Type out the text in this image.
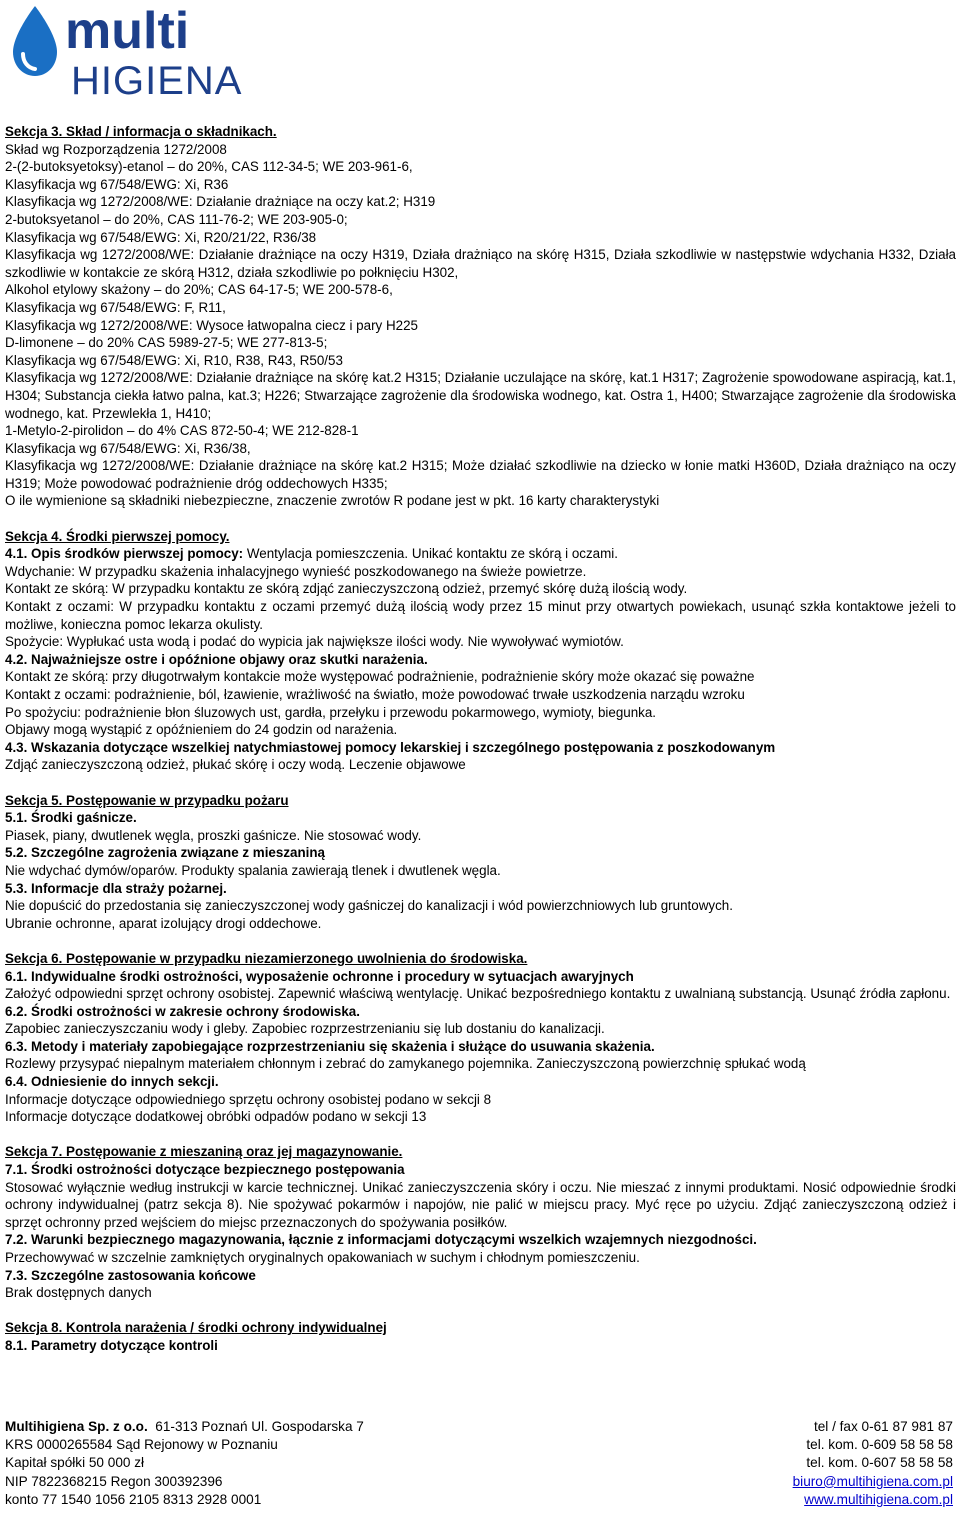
multi
HIGIENA

Sekcja 3. Skład / informacja o składnikach.

Skład wg Rozporządzenia 1272/2008

2-(2-butoksyetoksy)-etanol – do 20%, CAS 112-34-5; WE 203-961-6,

Klasyfikacja wg 67/548/EWG: Xi, R36

Klasyfikacja wg 1272/2008/WE: Działanie drażniące na oczy kat.2; H319

2-butoksyetanol – do 20%, CAS 111-76-2; WE 203-905-0;

Klasyfikacja wg 67/548/EWG: Xi, R20/21/22, R36/38

Klasyfikacja wg 1272/2008/WE: Działanie drażniące na oczy H319, Działa drażniąco na skórę H315, Działa szkodliwie w następstwie wdychania H332, Działa szkodliwie w kontakcie ze skórą H312, działa szkodliwie po połknięciu H302,

Alkohol etylowy skażony – do 20%; CAS 64-17-5; WE 200-578-6,

Klasyfikacja wg 67/548/EWG: F, R11,

Klasyfikacja wg 1272/2008/WE: Wysoce łatwopalna ciecz i pary H225

D-limonene – do 20% CAS 5989-27-5; WE 277-813-5;

Klasyfikacja wg 67/548/EWG: Xi, R10, R38, R43, R50/53

Klasyfikacja wg 1272/2008/WE: Działanie drażniące na skórę kat.2 H315; Działanie uczulające na skórę, kat.1 H317; Zagrożenie spowodowane aspiracją, kat.1, H304; Substancja ciekła łatwo palna, kat.3; H226; Stwarzające zagrożenie dla środowiska wodnego, kat. Ostra 1, H400; Stwarzające zagrożenie dla środowiska wodnego, kat. Przewlekła 1, H410;

1-Metylo-2-pirolidon – do 4% CAS 872-50-4; WE 212-828-1

Klasyfikacja wg 67/548/EWG: Xi, R36/38,

Klasyfikacja wg 1272/2008/WE: Działanie drażniące na skórę kat.2 H315; Może działać szkodliwie na dziecko w łonie matki H360D, Działa drażniąco na oczy H319; Może powodować podrażnienie dróg oddechowych H335;

O ile wymienione są składniki niebezpieczne, znaczenie zwrotów R podane jest w pkt. 16 karty charakterystyki

Sekcja 4. Środki pierwszej pomocy.

4.1. Opis środków pierwszej pomocy: Wentylacja pomieszczenia. Unikać kontaktu ze skórą i oczami.

Wdychanie: W przypadku skażenia inhalacyjnego wynieść poszkodowanego na świeże powietrze.

Kontakt ze skórą: W przypadku kontaktu ze skórą zdjąć zanieczyszczoną odzież, przemyć skórę dużą ilością wody.

Kontakt z oczami: W przypadku kontaktu z oczami przemyć dużą ilością wody przez 15 minut przy otwartych powiekach, usunąć szkła kontaktowe jeżeli to możliwe, konieczna pomoc lekarza okulisty.

Spożycie: Wypłukać usta wodą i podać do wypicia jak największe ilości wody. Nie wywoływać wymiotów.

4.2. Najważniejsze ostre i opóźnione objawy oraz skutki narażenia.

Kontakt ze skórą: przy długotrwałym kontakcie może występować podrażnienie, podrażnienie skóry może okazać się poważne

Kontakt z oczami: podrażnienie, ból, łzawienie, wrażliwość na światło, może powodować trwałe uszkodzenia narządu wzroku

Po spożyciu: podrażnienie błon śluzowych ust, gardła, przełyku i przewodu pokarmowego, wymioty, biegunka.

Objawy mogą wystąpić z opóźnieniem do 24 godzin od narażenia.

4.3. Wskazania dotyczące wszelkiej natychmiastowej pomocy lekarskiej i szczególnego postępowania z poszkodowanym

Zdjąć zanieczyszczoną odzież, płukać skórę i oczy wodą. Leczenie objawowe

Sekcja 5. Postępowanie w przypadku pożaru

5.1. Środki gaśnicze.

Piasek, piany, dwutlenek węgla, proszki gaśnicze. Nie stosować wody.

5.2. Szczególne zagrożenia związane z mieszaniną

Nie wdychać dymów/oparów. Produkty spalania zawierają tlenek i dwutlenek węgla.

5.3. Informacje dla straży pożarnej.

Nie dopuścić do przedostania się zanieczyszczonej wody gaśniczej do kanalizacji i wód powierzchniowych lub gruntowych.

Ubranie ochronne, aparat izolujący drogi oddechowe.

Sekcja 6. Postępowanie w przypadku niezamierzonego uwolnienia do środowiska.

6.1. Indywidualne środki ostrożności, wyposażenie ochronne i procedury w sytuacjach awaryjnych

Założyć odpowiedni sprzęt ochrony osobistej. Zapewnić właściwą wentylację. Unikać bezpośredniego kontaktu z uwalnianą substancją. Usunąć źródła zapłonu.

6.2. Środki ostrożności w zakresie ochrony środowiska.

Zapobiec zanieczyszczaniu wody i gleby. Zapobiec rozprzestrzenianiu się lub dostaniu do kanalizacji.

6.3. Metody i materiały zapobiegające rozprzestrzenianiu się skażenia i służące do usuwania skażenia.

Rozlewy przysypać niepalnym materiałem chłonnym i zebrać do zamykanego pojemnika. Zanieczyszczoną powierzchnię spłukać wodą

6.4. Odniesienie do innych sekcji.

Informacje dotyczące odpowiedniego sprzętu ochrony osobistej podano w sekcji 8

Informacje dotyczące dodatkowej obróbki odpadów podano w sekcji 13

Sekcja 7. Postępowanie z mieszaniną oraz jej magazynowanie.

7.1. Środki ostrożności dotyczące bezpiecznego postępowania

Stosować wyłącznie według instrukcji w karcie technicznej. Unikać zanieczyszczenia skóry i oczu. Nie mieszać z innymi produktami. Nosić odpowiednie środki ochrony indywidualnej (patrz sekcja 8). Nie spożywać pokarmów i napojów, nie palić w miejscu pracy. Myć ręce po użyciu. Zdjąć zanieczyszczoną odzież i sprzęt ochronny przed wejściem do miejsc przeznaczonych do spożywania posiłków.

7.2. Warunki bezpiecznego magazynowania, łącznie z informacjami dotyczącymi wszelkich wzajemnych niezgodności.

Przechowywać w szczelnie zamkniętych oryginalnych opakowaniach w suchym i chłodnym pomieszczeniu.

7.3. Szczególne zastosowania końcowe

Brak dostępnych danych

Sekcja 8. Kontrola narażenia / środki ochrony indywidualnej

8.1. Parametry dotyczące kontroli

Multihigiena Sp. z o.o. 61-313 Poznań Ul. Gospodarska 7	tel / fax 0-61 87 981 87
KRS 0000265584 Sąd Rejonowy w Poznaniu	tel. kom. 0-609 58 58 58
Kapitał spółki 50 000 zł	tel. kom. 0-607 58 58 58
NIP 7822368215 Regon 300392396	biuro@multihigiena.com.pl
konto 77 1540 1056 2105 8313 2928 0001	www.multihigiena.com.pl
